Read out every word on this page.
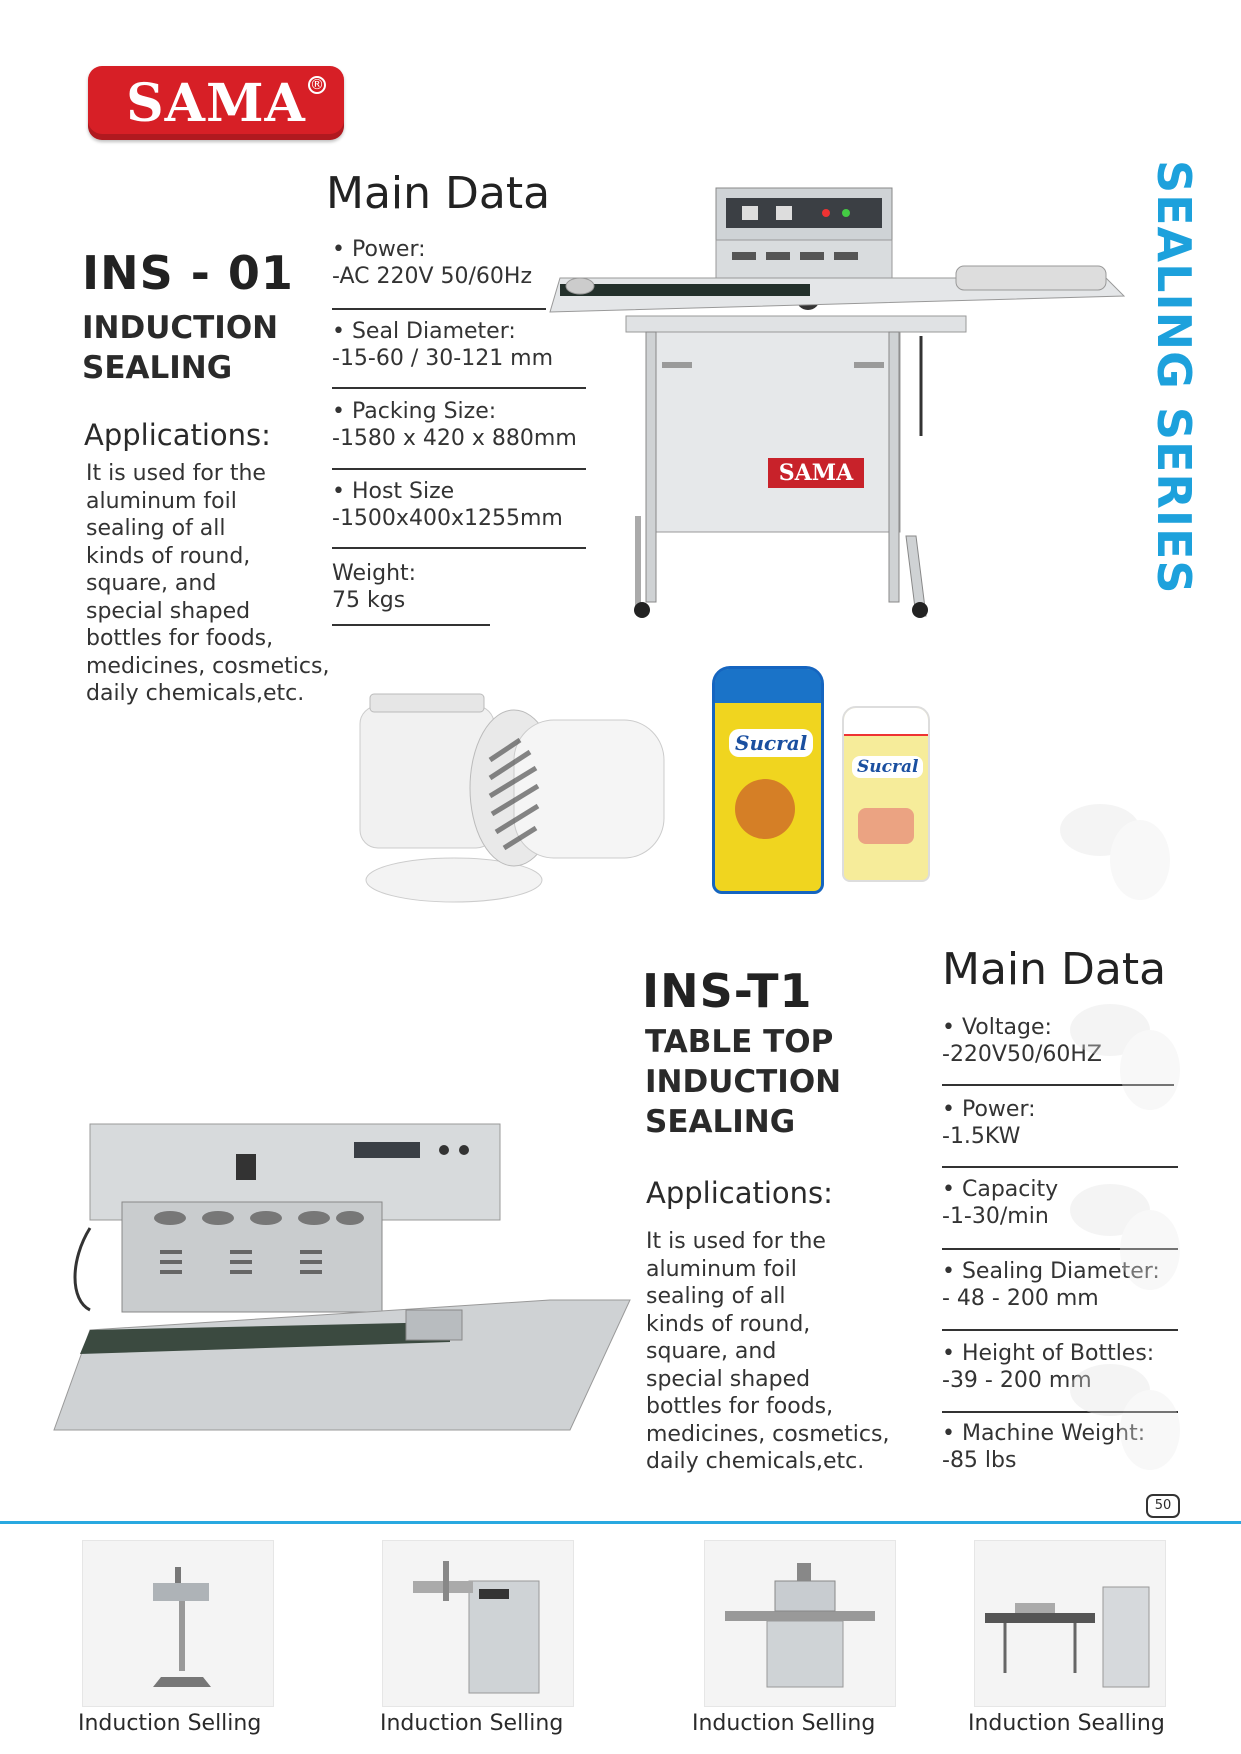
SAMA ®
SEALING SERIES
INS - 01
INDUCTION
SEALING
Applications:
It is used for the
aluminum foil
sealing of all
kinds of round,
square, and
special shaped
bottles for foods,
medicines, cosmetics,
daily chemicals,etc.
Main Data
• Power:
-AC 220V 50/60Hz
• Seal Diameter:
-15-60 / 30-121 mm
• Packing Size:
-1580 x 420 x 880mm
• Host Size
-1500x400x1255mm
Weight:
75 kgs
SAMA
Sucral
Sucral
INS-T1
TABLE TOP
INDUCTION
SEALING
Applications:
It is used for the
aluminum foil
sealing of all
kinds of round,
square, and
special shaped
bottles for foods,
medicines, cosmetics,
daily chemicals,etc.
Main Data
• Voltage:
-220V50/60HZ
• Power:
-1.5KW
• Capacity
-1-30/min
• Sealing Diameter:
- 48 - 200 mm
• Height of Bottles:
-39 - 200 mm
• Machine Weight:
-85 lbs
50
Induction Selling	Induction Selling	Induction Selling	Induction Sealling
